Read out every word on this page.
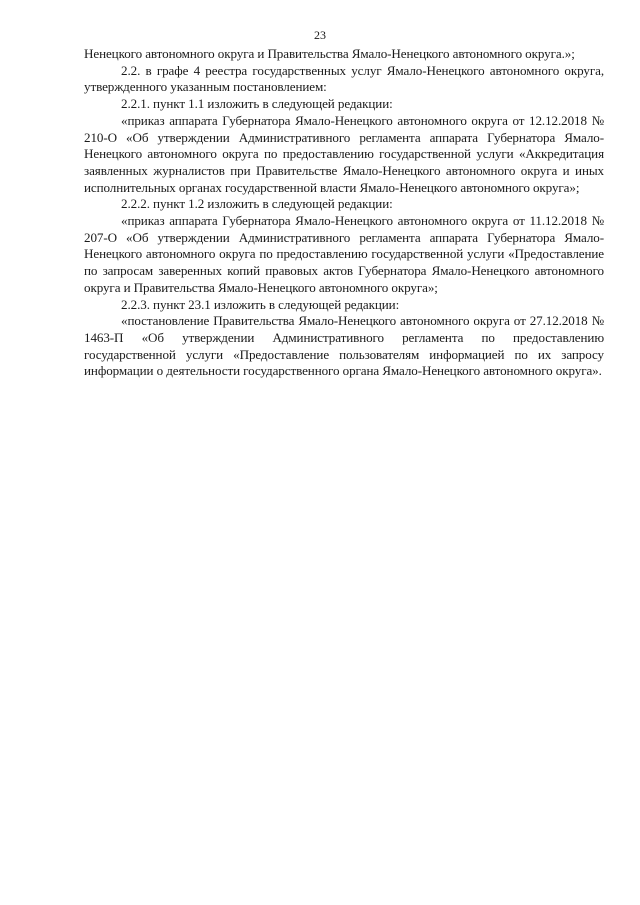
23

Ненецкого автономного округа и Правительства Ямало-Ненецкого автономного округа.»;

2.2. в графе 4 реестра государственных услуг Ямало-Ненецкого автономного округа, утвержденного указанным постановлением:

2.2.1. пункт 1.1 изложить в следующей редакции:

«приказ аппарата Губернатора Ямало-Ненецкого автономного округа от 12.12.2018 № 210-О «Об утверждении Административного регламента аппарата Губернатора Ямало-Ненецкого автономного округа по предоставлению государственной услуги «Аккредитация заявленных журналистов при Правительстве Ямало-Ненецкого автономного округа и иных исполнительных органах государственной власти Ямало-Ненецкого автономного округа»;

2.2.2. пункт 1.2 изложить в следующей редакции:

«приказ аппарата Губернатора Ямало-Ненецкого автономного округа от 11.12.2018 № 207-О «Об утверждении Административного регламента аппарата Губернатора Ямало-Ненецкого автономного округа по предоставлению государственной услуги «Предоставление по запросам заверенных копий правовых актов Губернатора Ямало-Ненецкого автономного округа и Правительства Ямало-Ненецкого автономного округа»;

2.2.3. пункт 23.1 изложить в следующей редакции:

«постановление Правительства Ямало-Ненецкого автономного округа от 27.12.2018 № 1463-П «Об утверждении Административного регламента по предоставлению государственной услуги «Предоставление пользователям информацией по их запросу информации о деятельности государственного органа Ямало-Ненецкого автономного округа».
